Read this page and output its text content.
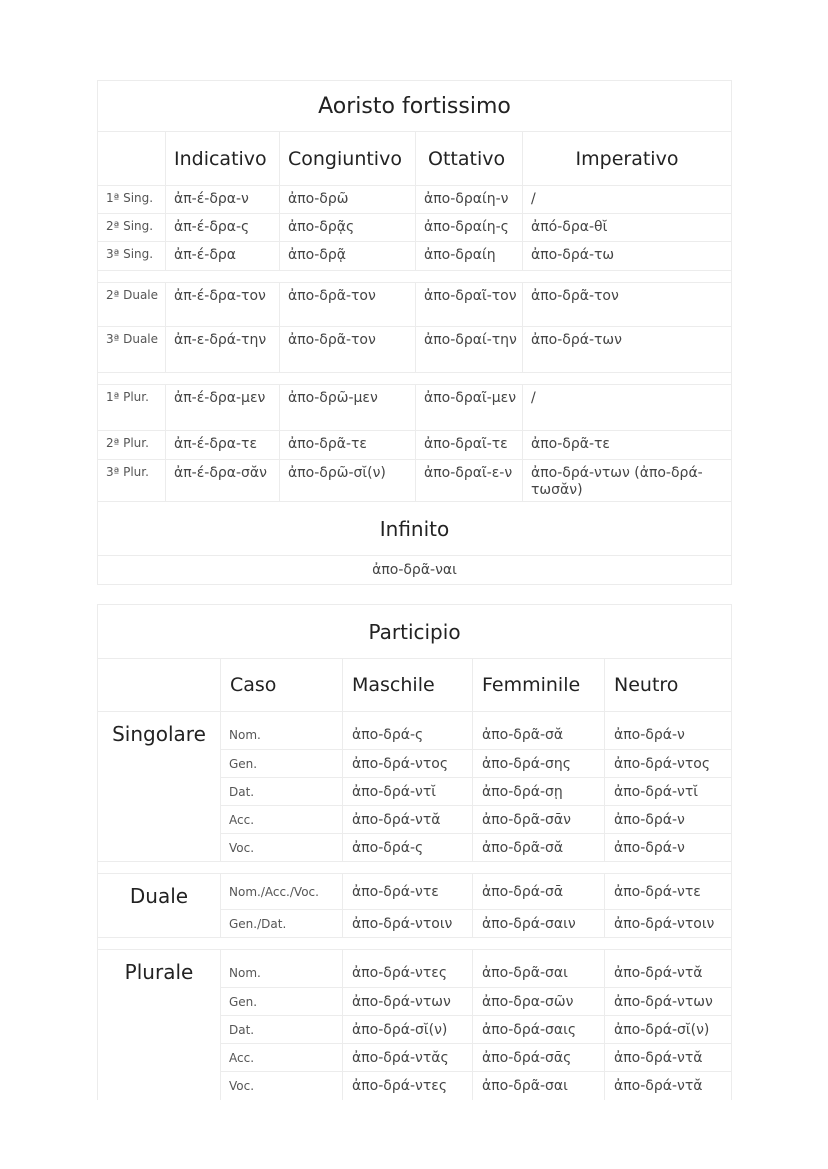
Aoristo fortissimo				
	Indicativo	Congiuntivo	Ottativo	Imperativo
1ª Sing.	ἀπ-έ-δρα-ν	ἀπο-δρῶ	ἀπο-δραίη-ν	/
2ª Sing.	ἀπ-έ-δρα-ς	ἀπο-δρᾷς	ἀπο-δραίη-ς	ἀπό-δρα-θῐ
3ª Sing.	ἀπ-έ-δρα	ἀπο-δρᾷ	ἀπο-δραίη	ἀπο-δρά-τω

2ª Duale	ἀπ-έ-δρα-τον	ἀπο-δρᾶ-τον	ἀπο-δραῖ-τον	ἀπο-δρᾶ-τον
3ª Duale	ἀπ-ε-δρά-την	ἀπο-δρᾶ-τον	ἀπο-δραί-την	ἀπο-δρά-των

1ª Plur.	ἀπ-έ-δρα-μεν	ἀπο-δρῶ-μεν	ἀπο-δραῖ-μεν	/
2ª Plur.	ἀπ-έ-δρα-τε	ἀπο-δρᾶ-τε	ἀπο-δραῖ-τε	ἀπο-δρᾶ-τε
3ª Plur.	ἀπ-έ-δρα-σᾰν	ἀπο-δρῶ-σῐ(ν)	ἀπο-δραῖ-ε-ν	ἀπο-δρά-ντων (ἀπο-δρά-τωσᾰν)
Infinito				
ἀπο-δρᾶ-ναι				
Participio				
	Caso	Maschile	Femminile	Neutro
Singolare	Nom.	ἀπο-δρά-ς	ἀπο-δρᾶ-σᾰ	ἀπο-δρά-ν
	Gen.	ἀπο-δρά-ντος	ἀπο-δρά-σης	ἀπο-δρά-ντος
	Dat.	ἀπο-δρά-ντῐ	ἀπο-δρά-σῃ	ἀπο-δρά-ντῐ
	Acc.	ἀπο-δρά-ντᾰ	ἀπο-δρᾶ-σᾱν	ἀπο-δρά-ν
	Voc.	ἀπο-δρά-ς	ἀπο-δρᾶ-σᾰ	ἀπο-δρά-ν

Duale	Nom./Acc./Voc.	ἀπο-δρά-ντε	ἀπο-δρά-σᾱ	ἀπο-δρά-ντε
	Gen./Dat.	ἀπο-δρά-ντοιν	ἀπο-δρά-σαιν	ἀπο-δρά-ντοιν

Plurale	Nom.	ἀπο-δρά-ντες	ἀπο-δρᾶ-σαι	ἀπο-δρά-ντᾰ
	Gen.	ἀπο-δρά-ντων	ἀπο-δρα-σῶν	ἀπο-δρά-ντων
	Dat.	ἀπο-δρά-σῐ(ν)	ἀπο-δρά-σαις	ἀπο-δρά-σῐ(ν)
	Acc.	ἀπο-δρά-ντᾰς	ἀπο-δρά-σᾱς	ἀπο-δρά-ντᾰ
	Voc.	ἀπο-δρά-ντες	ἀπο-δρᾶ-σαι	ἀπο-δρά-ντᾰ
